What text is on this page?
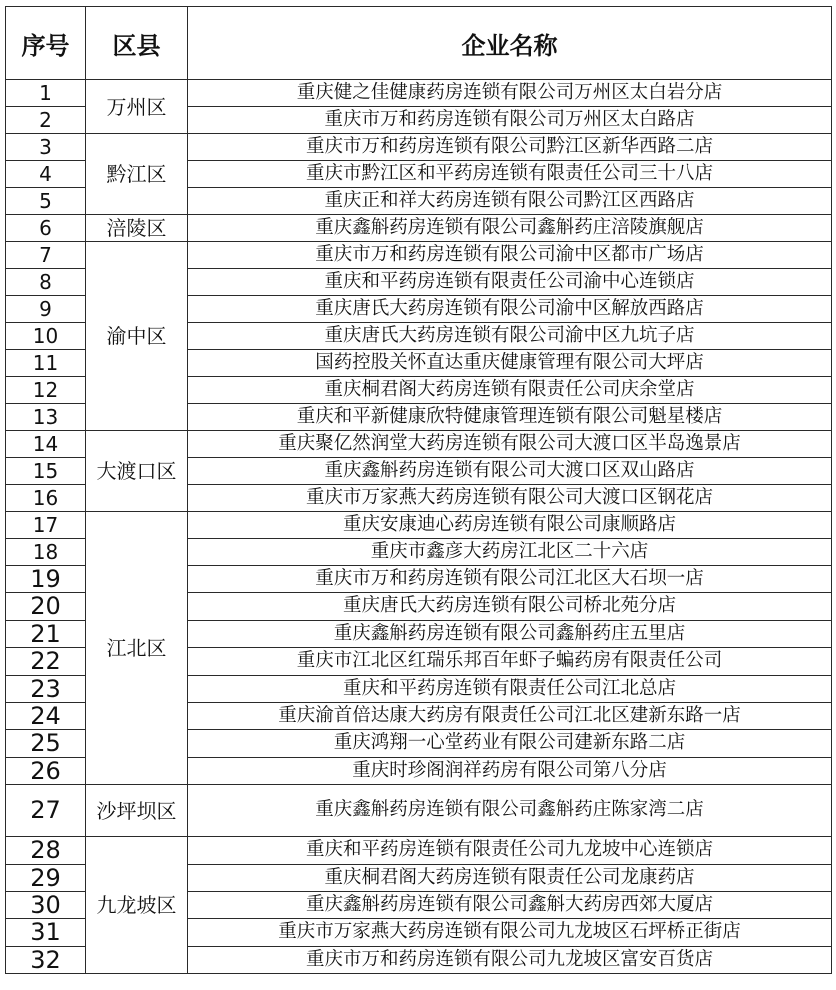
序号	区县	企业名称
1	万州区	重庆健之佳健康药房连锁有限公司万州区太白岩分店
2		重庆市万和药房连锁有限公司万州区太白路店
3	黔江区	重庆市万和药房连锁有限公司黔江区新华西路二店
4		重庆市黔江区和平药房连锁有限责任公司三十八店
5		重庆正和祥大药房连锁有限公司黔江区西路店
6	涪陵区	重庆鑫斛药房连锁有限公司鑫斛药庄涪陵旗舰店
7	渝中区	重庆市万和药房连锁有限公司渝中区都市广场店
8		重庆和平药房连锁有限责任公司渝中心连锁店
9		重庆唐氏大药房连锁有限公司渝中区解放西路店
10		重庆唐氏大药房连锁有限公司渝中区九坑子店
11		国药控股关怀直达重庆健康管理有限公司大坪店
12		重庆桐君阁大药房连锁有限责任公司庆余堂店
13		重庆和平新健康欣特健康管理连锁有限公司魁星楼店
14	大渡口区	重庆聚亿然润堂大药房连锁有限公司大渡口区半岛逸景店
15		重庆鑫斛药房连锁有限公司大渡口区双山路店
16		重庆市万家燕大药房连锁有限公司大渡口区钢花店
17	江北区	重庆安康迪心药房连锁有限公司康顺路店
18		重庆市鑫彦大药房江北区二十六店
19		重庆市万和药房连锁有限公司江北区大石坝一店
20		重庆唐氏大药房连锁有限公司桥北苑分店
21		重庆鑫斛药房连锁有限公司鑫斛药庄五里店
22		重庆市江北区红瑞乐邦百年虾子蝙药房有限责任公司
23		重庆和平药房连锁有限责任公司江北总店
24		重庆渝首倍达康大药房有限责任公司江北区建新东路一店
25		重庆鸿翔一心堂药业有限公司建新东路二店
26		重庆时珍阁润祥药房有限公司第八分店
27	沙坪坝区	重庆鑫斛药房连锁有限公司鑫斛药庄陈家湾二店
28	九龙坡区	重庆和平药房连锁有限责任公司九龙坡中心连锁店
29		重庆桐君阁大药房连锁有限责任公司龙康药店
30		重庆鑫斛药房连锁有限公司鑫斛大药房西郊大厦店
31		重庆市万家燕大药房连锁有限公司九龙坡区石坪桥正街店
32		重庆市万和药房连锁有限公司九龙坡区富安百货店
